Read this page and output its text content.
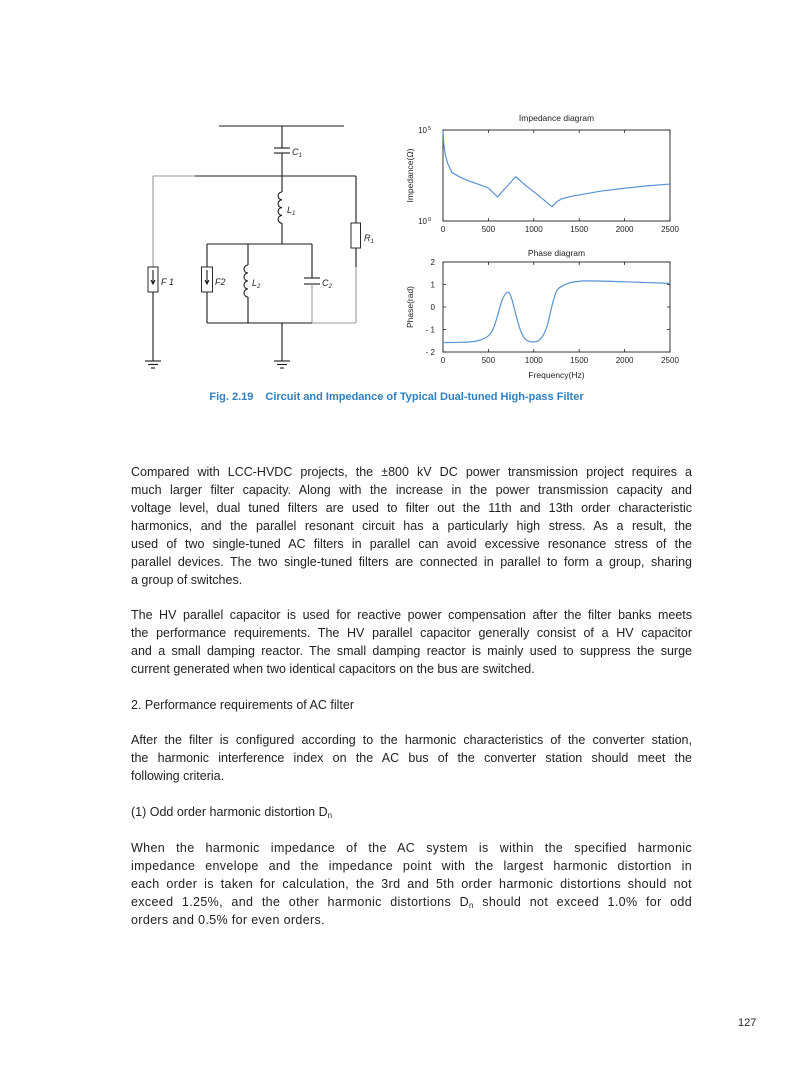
$C_1$
$L_1$
$R_1$
F 1	F2	$L_2$	$C_2$
Impedance diagram
0	500	1000	1500	2000	2500
10 0
10 5
Impedance(Ω)
Phase diagram
0	500	1000	1500	2000	2500
2
1
0
- 1
- 2
Phase(rad)
Frequency(Hz)
Fig. 2.19 Circuit and Impedance of Typical Dual-tuned High-pass Filter
Compared with LCC-HVDC projects, the ±800 kV DC power transmission project requires a
much larger filter capacity. Along with the increase in the power transmission capacity and
voltage level, dual tuned filters are used to filter out the 11th and 13th order characteristic
harmonics, and the parallel resonant circuit has a particularly high stress. As a result, the
used of two single-tuned AC filters in parallel can avoid excessive resonance stress of the
parallel devices. The two single-tuned filters are connected in parallel to form a group, sharing
a group of switches.
The HV parallel capacitor is used for reactive power compensation after the filter banks meets
the performance requirements. The HV parallel capacitor generally consist of a HV capacitor
and a small damping reactor. The small damping reactor is mainly used to suppress the surge
current generated when two identical capacitors on the bus are switched.
2. Performance requirements of AC filter
After the filter is configured according to the harmonic characteristics of the converter station,
the harmonic interference index on the AC bus of the converter station should meet the
following criteria.
(1) Odd order harmonic distortion $D_n$
When the harmonic impedance of the AC system is within the specified harmonic
impedance envelope and the impedance point with the largest harmonic distortion in
each order is taken for calculation, the 3rd and 5th order harmonic distortions should not
exceed 1.25%, and the other harmonic distortions $D_n$ should not exceed 1.0% for odd
orders and 0.5% for even orders.
127
